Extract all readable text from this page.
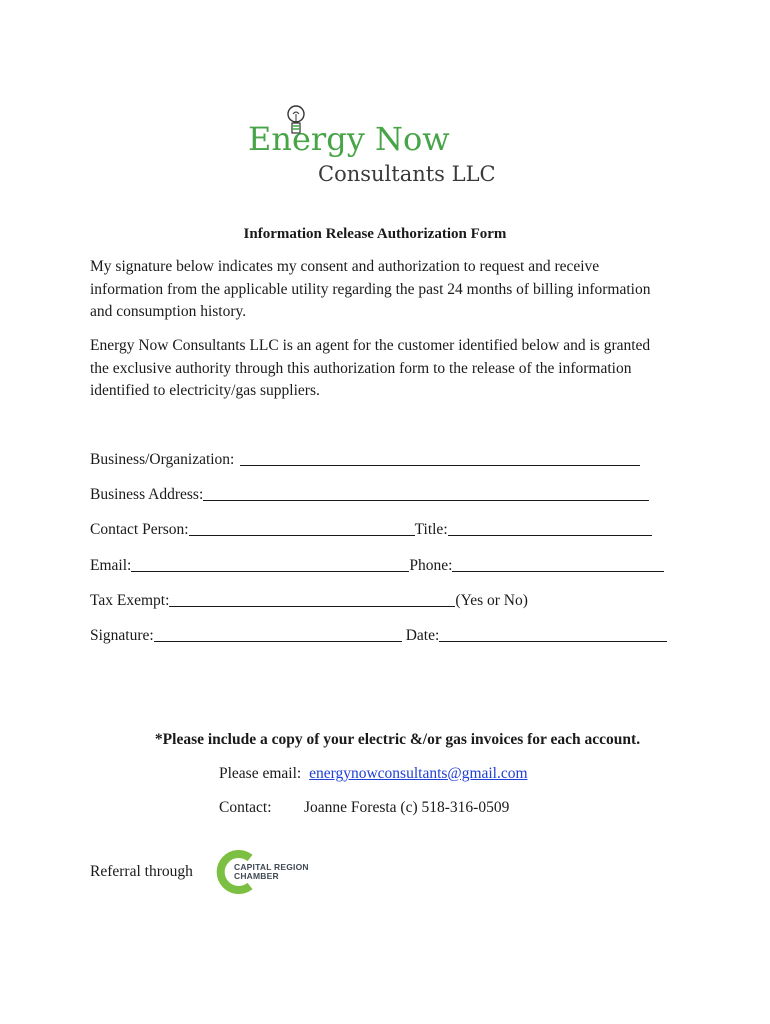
Energy Now
Consultants LLC
Information Release Authorization Form

My signature below indicates my consent and authorization to request and receive information from the applicable utility regarding the past 24 months of billing information and consumption history.

Energy Now Consultants LLC is an agent for the customer identified below and is granted the exclusive authority through this authorization form to the release of the information identified to electricity/gas suppliers.

Business/Organization:
Business Address:
Contact Person:	Title:
Email:	Phone:
Tax Exempt:	(Yes or No)
Signature:	Date:
*Please include a copy of your electric &/or gas invoices for each account.
Please email: energynowconsultants@gmail.com
Contact: Joanne Foresta (c) 518-316-0509
Referral through	CAPITAL REGION
CHAMBER
